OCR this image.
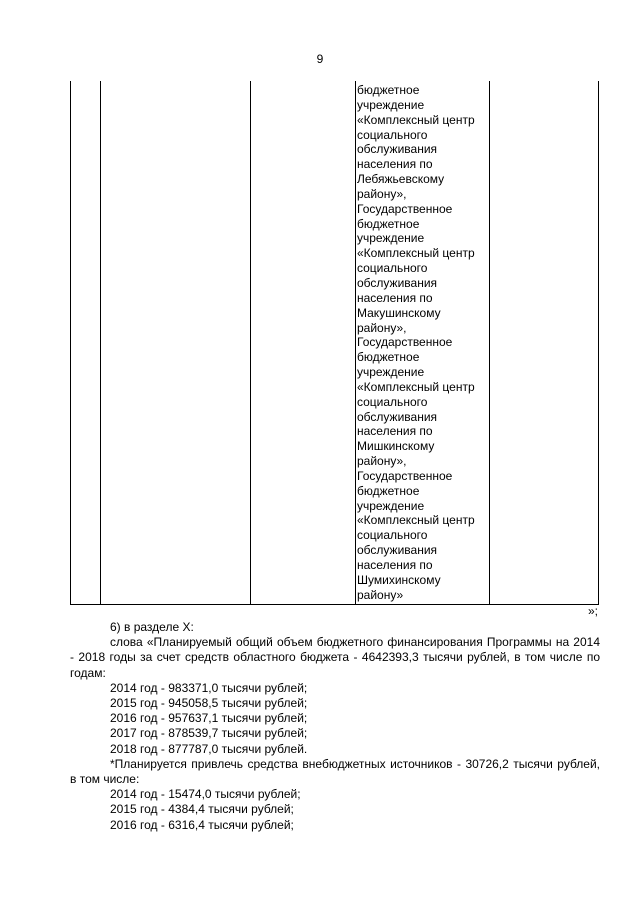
9
бюджетное
учреждение
«Комплексный центр
социального
обслуживания
населения по
Лебяжьевскому
району»,
Государственное
бюджетное
учреждение
«Комплексный центр
социального
обслуживания
населения по
Макушинскому
району»,
Государственное
бюджетное
учреждение
«Комплексный центр
социального
обслуживания
населения по
Мишкинскому
району»,
Государственное
бюджетное
учреждение
«Комплексный центр
социального
обслуживания
населения по
Шумихинскому
району»
»;

6) в разделе X:

слова «Планируемый общий объем бюджетного финансирования Программы на 2014 - 2018 годы за счет средств областного бюджета - 4642393,3 тысячи рублей, в том числе по годам:

2014 год - 983371,0 тысячи рублей;

2015 год - 945058,5 тысячи рублей;

2016 год - 957637,1 тысячи рублей;

2017 год - 878539,7 тысячи рублей;

2018 год - 877787,0 тысячи рублей.

*Планируется привлечь средства внебюджетных источников - 30726,2 тысячи рублей, в том числе:

2014 год - 15474,0 тысячи рублей;

2015 год - 4384,4 тысячи рублей;

2016 год - 6316,4 тысячи рублей;
